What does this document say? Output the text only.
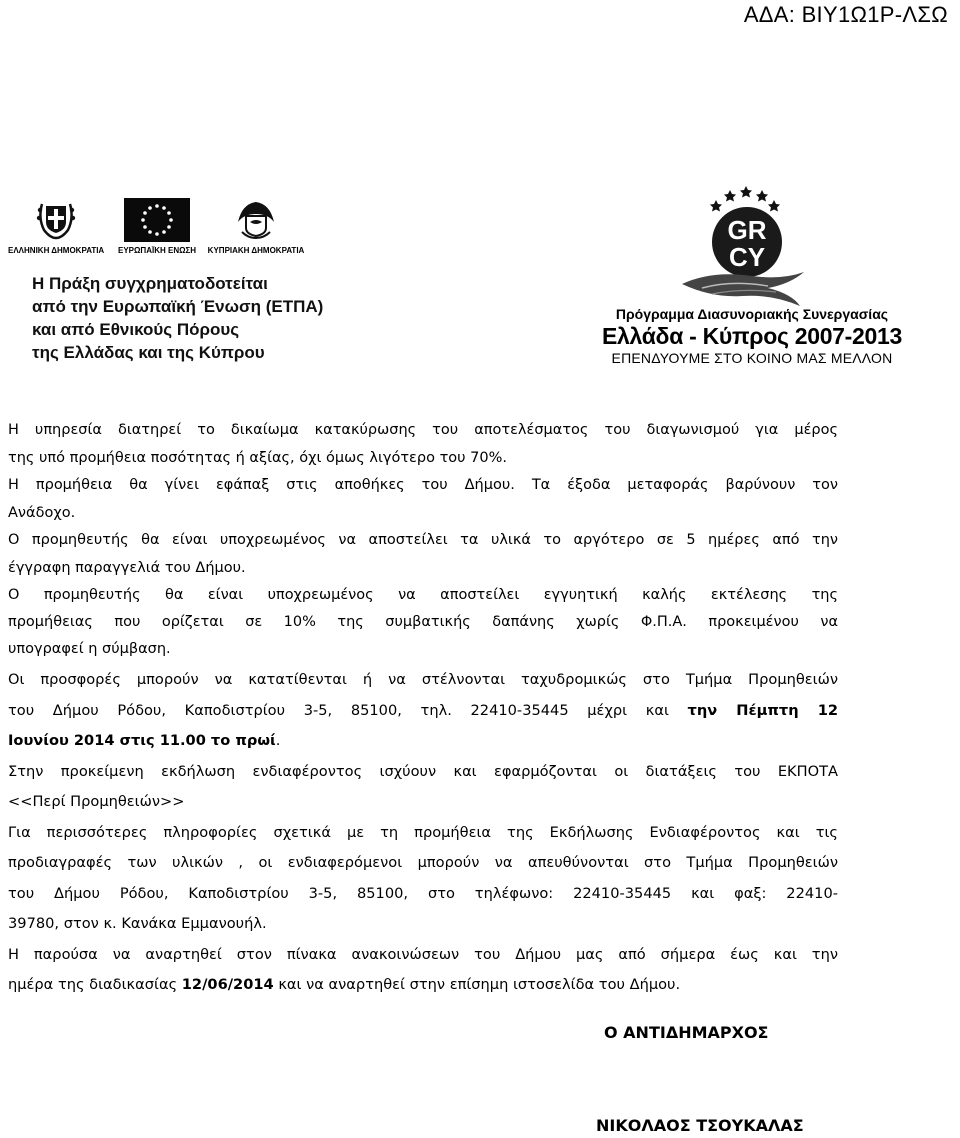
ΑΔΑ: ΒΙΥ1Ω1Ρ-ΛΣΩ
ΕΛΛΗΝΙΚΗ ΔΗΜΟΚΡΑΤΙΑ ΕΥΡΩΠΑΪΚΗ ΕΝΩΣΗ	ΚΥΠΡΙΑΚΗ ΔΗΜΟΚΡΑΤΙΑ
Η Πράξη συγχρηματοδοτείται
από την Ευρωπαϊκή Ένωση (ΕΤΠΑ)
και από Εθνικούς Πόρους
της Ελλάδας και της Κύπρου
GR
CY
Πρόγραμμα Διασυνοριακής Συνεργασίας
Ελλάδα - Κύπρος 2007-2013
ΕΠΕΝΔΥΟΥΜΕ ΣΤΟ ΚΟΙΝΟ ΜΑΣ ΜΕΛΛΟΝ

Η υπηρεσία διατηρεί το δικαίωμα κατακύρωσης του αποτελέσματος του διαγωνισμού για μέρος
της υπό προμήθεια ποσότητας ή αξίας, όχι όμως λιγότερο του 70%.

Η προμήθεια θα γίνει εφάπαξ στις αποθήκες του Δήμου. Τα έξοδα μεταφοράς βαρύνουν τον
Ανάδοχο.

Ο προμηθευτής θα είναι υποχρεωμένος να αποστείλει τα υλικά το αργότερο σε 5 ημέρες από την
έγγραφη παραγγελιά του Δήμου.

Ο προμηθευτής θα είναι υποχρεωμένος να αποστείλει εγγυητική καλής εκτέλεσης της
προμήθειας που ορίζεται σε 10% της συμβατικής δαπάνης χωρίς Φ.Π.Α. προκειμένου να
υπογραφεί η σύμβαση.

Οι προσφορές μπορούν να κατατίθενται ή να στέλνονται ταχυδρομικώς στο Τμήμα Προμηθειών
του Δήμου Ρόδου, Καποδιστρίου 3-5, 85100, τηλ. 22410-35445 μέχρι και την Πέμπτη 12
Ιουνίου 2014 στις 11.00 το πρωί.

Στην προκείμενη εκδήλωση ενδιαφέροντος ισχύουν και εφαρμόζονται οι διατάξεις του ΕΚΠΟΤΑ
<<Περί Προμηθειών>>

Για περισσότερες πληροφορίες σχετικά με τη προμήθεια της Εκδήλωσης Ενδιαφέροντος και τις
προδιαγραφές των υλικών , οι ενδιαφερόμενοι μπορούν να απευθύνονται στο Τμήμα Προμηθειών
του Δήμου Ρόδου, Καποδιστρίου 3-5, 85100, στο τηλέφωνο: 22410-35445 και φαξ: 22410-
39780, στον κ. Κανάκα Εμμανουήλ.

Η παρούσα να αναρτηθεί στον πίνακα ανακοινώσεων του Δήμου μας από σήμερα έως και την
ημέρα της διαδικασίας 12/06/2014 και να αναρτηθεί στην επίσημη ιστοσελίδα του Δήμου.

Ο ΑΝΤΙΔΗΜΑΡΧΟΣ
ΝΙΚΟΛΑΟΣ ΤΣΟΥΚΑΛΑΣ
